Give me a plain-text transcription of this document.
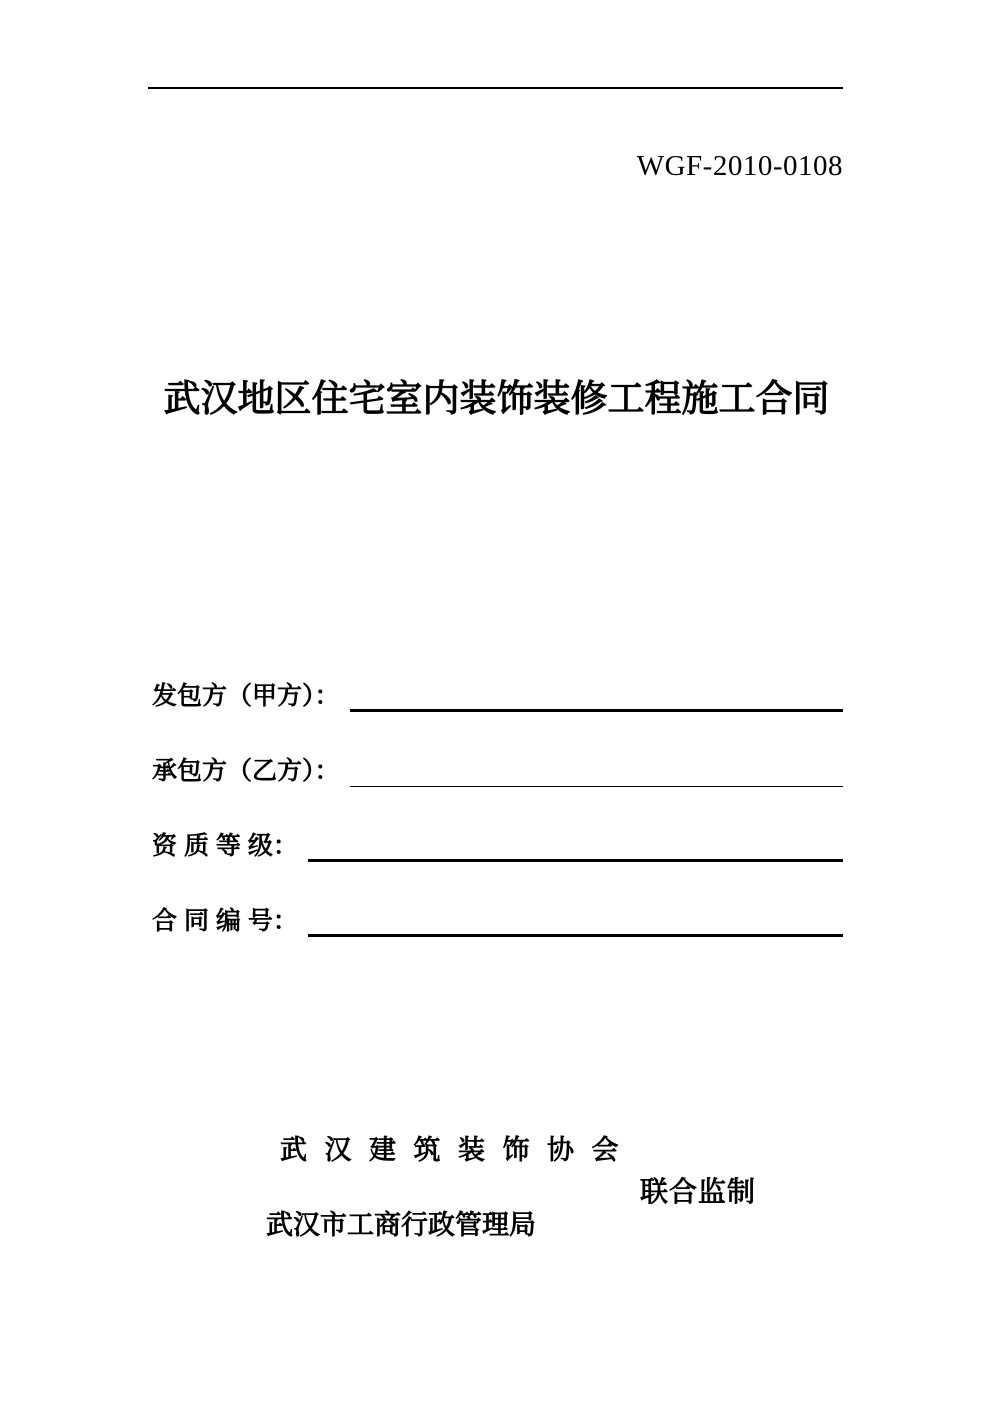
WGF-2010-0108
武汉地区住宅室内装饰装修工程施工合同
发包方（甲方）：
承包方（乙方）：
资 质 等 级：
合 同 编 号：
武 汉 建 筑 装 饰 协 会
联合监制
武汉市工商行政管理局
